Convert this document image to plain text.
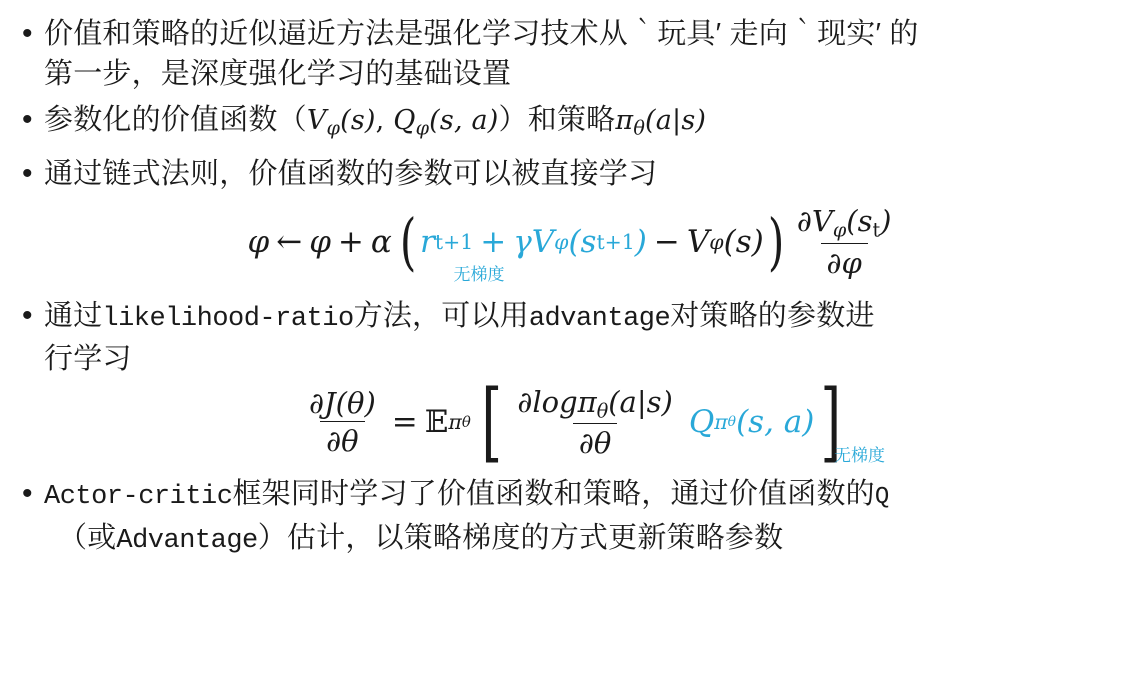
• 价值和策略的近似逼近方法是强化学习技术从‵玩具′ 走向‵现实′ 的
第一步，是深度强化学习的基础设置
• 参数化的价值函数（$V_\varphi(s)$, $Q_\varphi(s$, a)）和策略$\pi_\theta(a|s)$
• 通过链式法则，价值函数的参数可以被直接学习
φ ← φ + α ( r t+1 + γ V φ (s t+1 ) − V φ (s) ) $\frac{\partial V_\varphi(st)}{\partial\varphi}$
无梯度
• 通过likelihood-ratio方法，可以用advantage对策略的参数进
行学习
$\frac{\partial J(\theta)}{\partial\theta}$ = 𝔼 π θ [ $\frac{\partial\log\pi_\theta(a|s)}{\partial\theta}$ Q π θ (s, a) ]
无梯度
• Actor-critic框架同时学习了价值函数和策略，通过价值函数的Q
（或Advantage）估计，以策略梯度的方式更新策略参数
